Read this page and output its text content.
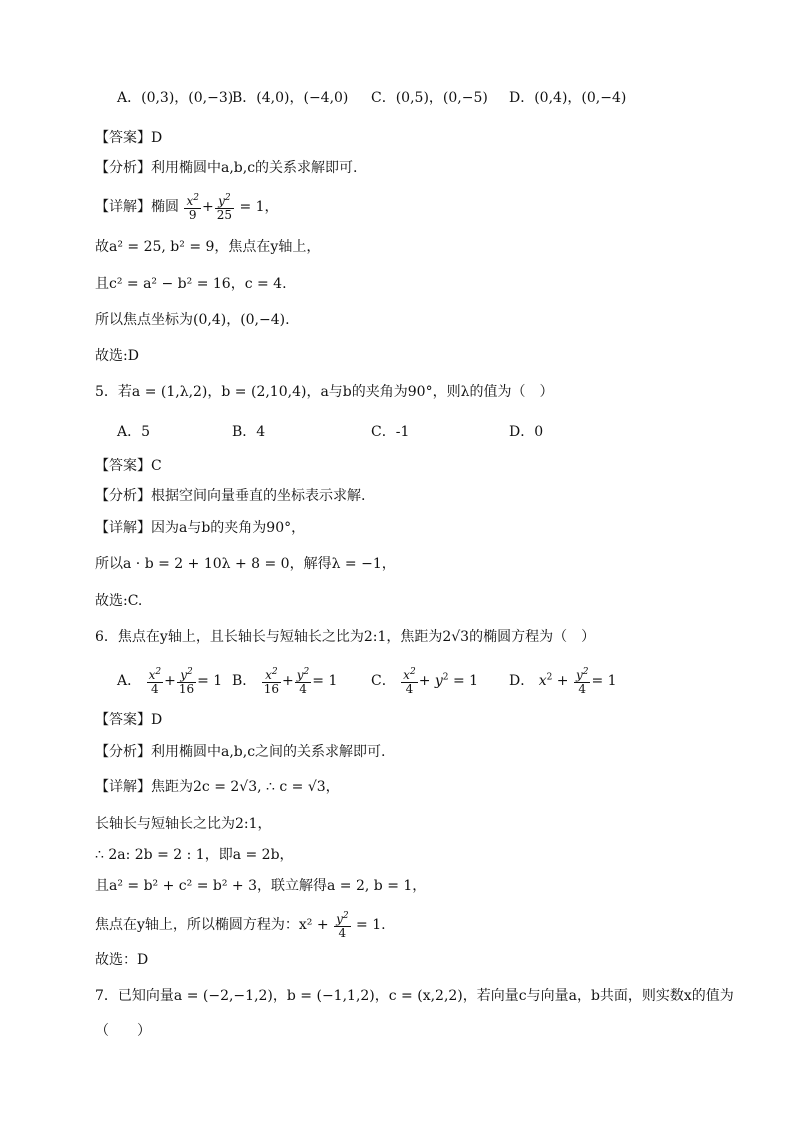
A．(0,3)，(0,−3)
B．(4,0)，(−4,0) C．(0,5)，(0,−5) D．(0,4)，(0,−4)
【答案】D
【分析】利用椭圆中a,b,c的关系求解即可.
【详解】椭圆 $\frac{x^2}{9} + \frac{y^2}{25} = 1$，
故a² = 25, b² = 9，焦点在y轴上，
且c² = a² − b² = 16，c = 4.
所以焦点坐标为(0,4)，(0,−4).
故选:D
5．若a = (1,λ,2)，b = (2,10,4)，a与b的夹角为90°，则λ的值为（　）
A．5	B．4	C．-1	D．0
【答案】C
【分析】根据空间向量垂直的坐标表示求解.
【详解】因为a与b的夹角为90°，
所以a · b = 2 + 10λ + 8 = 0，解得λ = −1，
故选:C.
6．焦点在y轴上，且长轴长与短轴长之比为2:1，焦距为2√3的椭圆方程为（　）
A． $\frac{x^2}{4} + \frac{y^2}{16} = 1$ B． $\frac{x^2}{16} + \frac{y^2}{4} = 1$ C． $\frac{x^2}{4} + y^2 = 1$ D． $x^2 + \frac{y^2}{4} = 1$
【答案】D
【分析】利用椭圆中a,b,c之间的关系求解即可.
【详解】焦距为2c = 2√3, ∴ c = √3，
长轴长与短轴长之比为2:1，
∴ 2a: 2b = 2 : 1，即a = 2b，
且a² = b² + c² = b² + 3，联立解得a = 2, b = 1，
焦点在y轴上，所以椭圆方程为：$x^2 + \frac{y^2}{4} = 1$.
故选：D
7．已知向量a = (−2,−1,2)，b = (−1,1,2)，c = (x,2,2)，若向量c与向量a，b共面，则实数x的值为
（　　）
